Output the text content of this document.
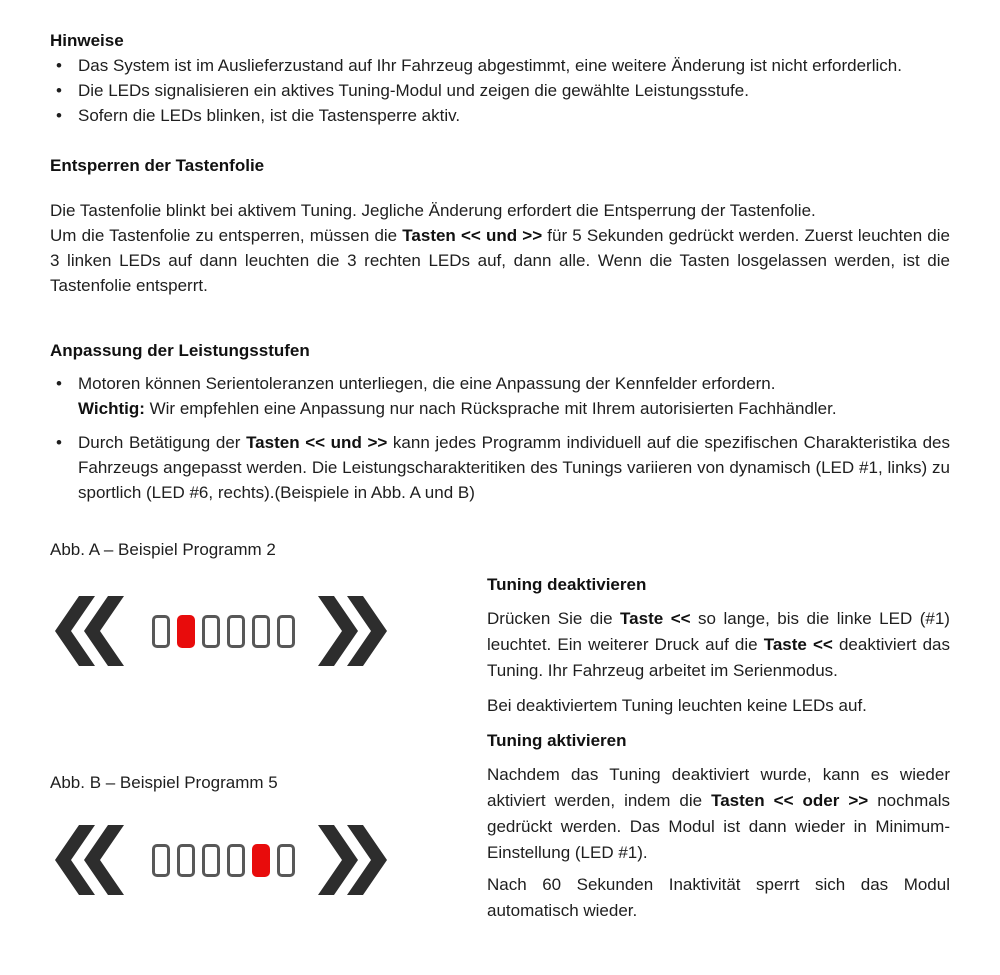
Hinweise
• Das System ist im Auslieferzustand auf Ihr Fahrzeug abgestimmt, eine weitere Änderung ist nicht erforderlich.
• Die LEDs signalisieren ein aktives Tuning-Modul und zeigen die gewählte Leistungsstufe.
• Sofern die LEDs blinken, ist die Tastensperre aktiv.
Entsperren der Tastenfolie

Die Tastenfolie blinkt bei aktivem Tuning. Jegliche Änderung erfordert die Entsperrung der Tastenfolie.

Um die Tastenfolie zu entsperren, müssen die Tasten << und >> für 5 Sekunden gedrückt werden. Zuerst leuchten die 3 linken LEDs auf dann leuchten die 3 rechten LEDs auf, dann alle. Wenn die Tasten losgelassen werden, ist die Tastenfolie entsperrt.

Anpassung der Leistungsstufen

• Motoren können Serientoleranzen unterliegen, die eine Anpassung der Kennfelder erfordern.

Wichtig: Wir empfehlen eine Anpassung nur nach Rücksprache mit Ihrem autorisierten Fachhändler.

• Durch Betätigung der Tasten << und >> kann jedes Programm individuell auf die spezifischen Charakteristika des Fahrzeugs angepasst werden. Die Leistungscharakteritiken des Tunings variieren von dynamisch (LED #1, links) zu sportlich (LED #6, rechts).(Beispiele in Abb. A und B)

Abb. A – Beispiel Programm 2

Abb. B – Beispiel Programm 5

Tuning deaktivieren

Drücken Sie die Taste << so lange, bis die linke LED (#1) leuchtet. Ein weiterer Druck auf die Taste << deaktiviert das Tuning. Ihr Fahrzeug arbeitet im Serienmodus.

Bei deaktiviertem Tuning leuchten keine LEDs auf.

Tuning aktivieren

Nachdem das Tuning deaktiviert wurde, kann es wieder aktiviert werden, indem die Tasten << oder >> nochmals gedrückt werden. Das Modul ist dann wieder in Minimum-Einstellung (LED #1).

Nach 60 Sekunden Inaktivität sperrt sich das Modul automatisch wieder.
